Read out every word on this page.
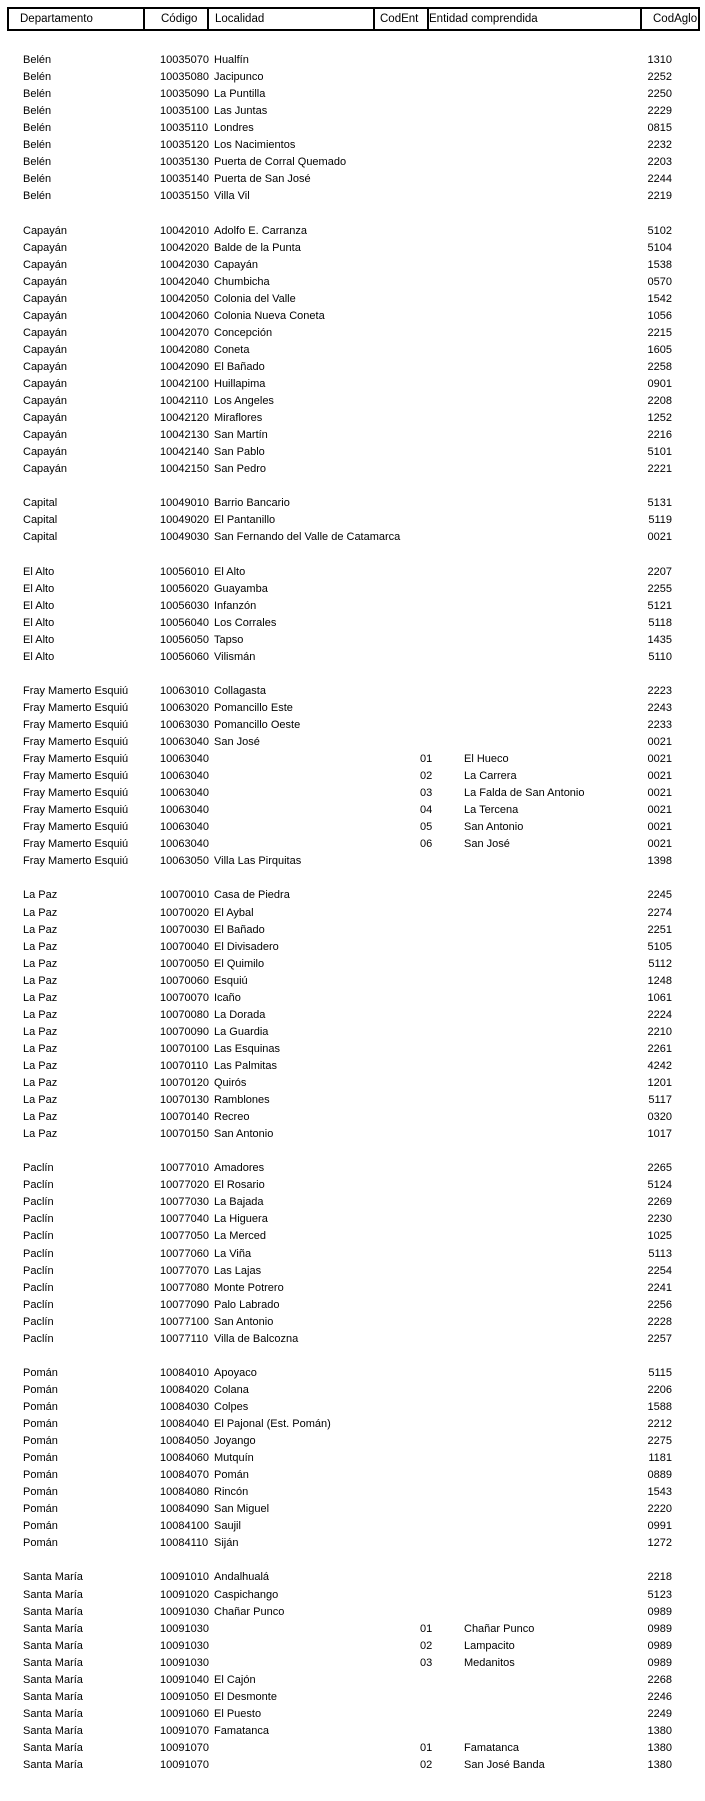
Departamento	Código	Localidad	CodEnt Entidad comprendida	CodAglo
Belén	10035070 Hualfín	1310
Belén	10035080 Jacipunco	2252
Belén	10035090 La Puntilla	2250
Belén	10035100 Las Juntas	2229
Belén	10035110 Londres	0815
Belén	10035120 Los Nacimientos	2232
Belén	10035130 Puerta de Corral Quemado	2203
Belén	10035140 Puerta de San José	2244
Belén	10035150 Villa Vil	2219
Capayán	10042010 Adolfo E. Carranza	5102
Capayán	10042020 Balde de la Punta	5104
Capayán	10042030 Capayán	1538
Capayán	10042040 Chumbicha	0570
Capayán	10042050 Colonia del Valle	1542
Capayán	10042060 Colonia Nueva Coneta	1056
Capayán	10042070 Concepción	2215
Capayán	10042080 Coneta	1605
Capayán	10042090 El Bañado	2258
Capayán	10042100 Huillapima	0901
Capayán	10042110 Los Angeles	2208
Capayán	10042120 Miraflores	1252
Capayán	10042130 San Martín	2216
Capayán	10042140 San Pablo	5101
Capayán	10042150 San Pedro	2221
Capital	10049010 Barrio Bancario	5131
Capital	10049020 El Pantanillo	5119
Capital	10049030 San Fernando del Valle de Catamarca	0021
El Alto	10056010 El Alto	2207
El Alto	10056020 Guayamba	2255
El Alto	10056030 Infanzón	5121
El Alto	10056040 Los Corrales	5118
El Alto	10056050 Tapso	1435
El Alto	10056060 Vilismán	5110
Fray Mamerto Esquiú	10063010 Collagasta	2223
Fray Mamerto Esquiú	10063020 Pomancillo Este	2243
Fray Mamerto Esquiú	10063030 Pomancillo Oeste	2233
Fray Mamerto Esquiú	10063040 San José	0021
Fray Mamerto Esquiú	10063040	01	El Hueco	0021
Fray Mamerto Esquiú	10063040	02	La Carrera	0021
Fray Mamerto Esquiú	10063040	03	La Falda de San Antonio	0021
Fray Mamerto Esquiú	10063040	04	La Tercena	0021
Fray Mamerto Esquiú	10063040	05	San Antonio	0021
Fray Mamerto Esquiú	10063040	06	San José	0021
Fray Mamerto Esquiú	10063050 Villa Las Pirquitas	1398
La Paz	10070010 Casa de Piedra	2245
La Paz	10070020 El Aybal	2274
La Paz	10070030 El Bañado	2251
La Paz	10070040 El Divisadero	5105
La Paz	10070050 El Quimilo	5112
La Paz	10070060 Esquiú	1248
La Paz	10070070 Icaño	1061
La Paz	10070080 La Dorada	2224
La Paz	10070090 La Guardia	2210
La Paz	10070100 Las Esquinas	2261
La Paz	10070110 Las Palmitas	4242
La Paz	10070120 Quirós	1201
La Paz	10070130 Ramblones	5117
La Paz	10070140 Recreo	0320
La Paz	10070150 San Antonio	1017
Paclín	10077010 Amadores	2265
Paclín	10077020 El Rosario	5124
Paclín	10077030 La Bajada	2269
Paclín	10077040 La Higuera	2230
Paclín	10077050 La Merced	1025
Paclín	10077060 La Viña	5113
Paclín	10077070 Las Lajas	2254
Paclín	10077080 Monte Potrero	2241
Paclín	10077090 Palo Labrado	2256
Paclín	10077100 San Antonio	2228
Paclín	10077110 Villa de Balcozna	2257
Pomán	10084010 Apoyaco	5115
Pomán	10084020 Colana	2206
Pomán	10084030 Colpes	1588
Pomán	10084040 El Pajonal (Est. Pomán)	2212
Pomán	10084050 Joyango	2275
Pomán	10084060 Mutquín	1181
Pomán	10084070 Pomán	0889
Pomán	10084080 Rincón	1543
Pomán	10084090 San Miguel	2220
Pomán	10084100 Saujil	0991
Pomán	10084110 Siján	1272
Santa María	10091010 Andalhualá	2218
Santa María	10091020 Caspichango	5123
Santa María	10091030 Chañar Punco	0989
Santa María	10091030	01	Chañar Punco	0989
Santa María	10091030	02	Lampacito	0989
Santa María	10091030	03	Medanitos	0989
Santa María	10091040 El Cajón	2268
Santa María	10091050 El Desmonte	2246
Santa María	10091060 El Puesto	2249
Santa María	10091070 Famatanca	1380
Santa María	10091070	01	Famatanca	1380
Santa María	10091070	02	San José Banda	1380
